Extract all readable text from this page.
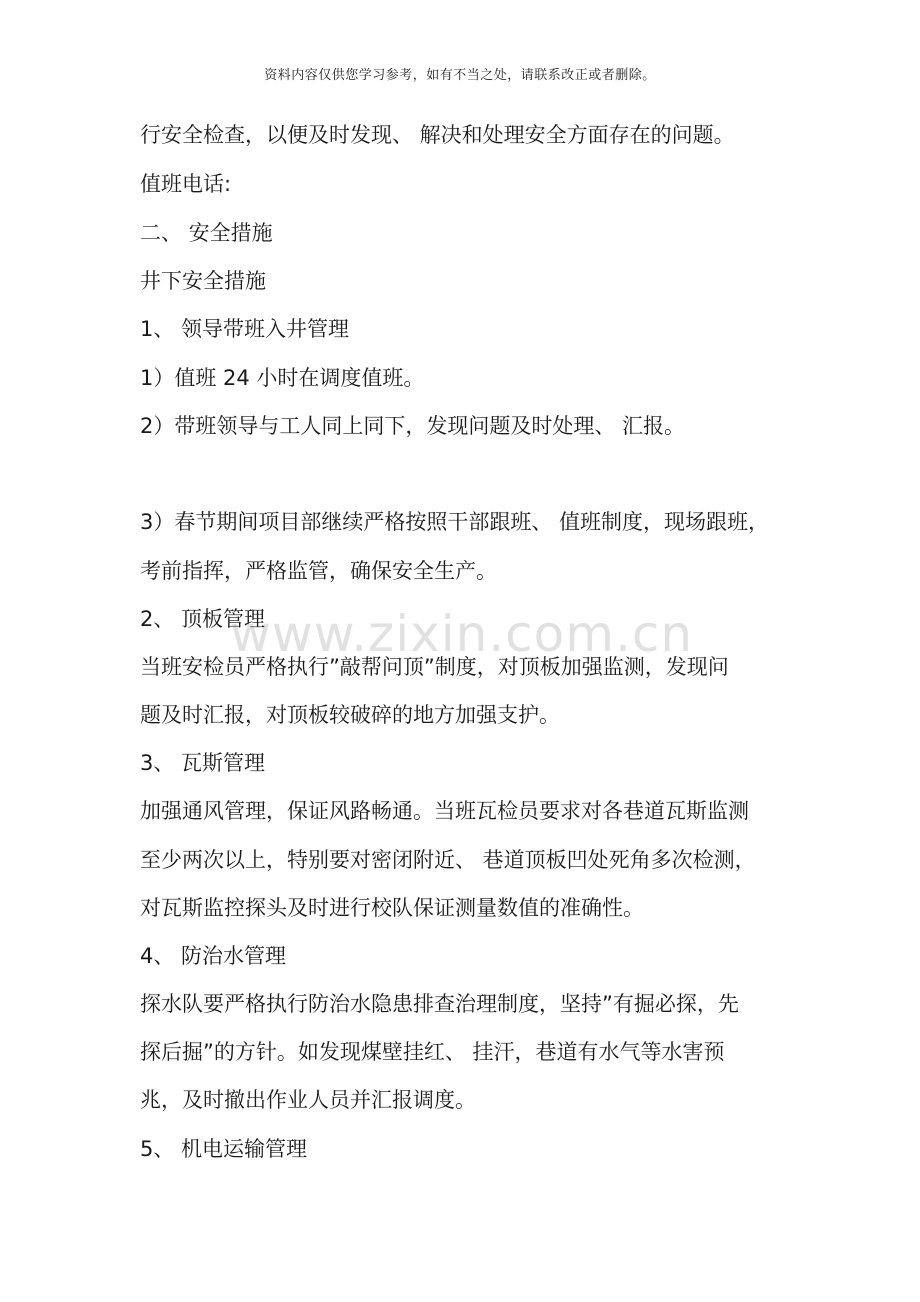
资料内容仅供您学习参考，如有不当之处，请联系改正或者删除。
www.zixin.com.cn
行安全检查，以便及时发现、 解决和处理安全方面存在的问题。
值班电话:
二、 安全措施
井下安全措施
1、 领导带班入井管理
1）值班 24 小时在调度值班。
2）带班领导与工人同上同下，发现问题及时处理、 汇报。
3）春节期间项目部继续严格按照干部跟班、 值班制度，现场跟班，
考前指挥，严格监管，确保安全生产。
2、 顶板管理
当班安检员严格执行”敲帮问顶”制度，对顶板加强监测，发现问
题及时汇报，对顶板较破碎的地方加强支护。
3、 瓦斯管理
加强通风管理，保证风路畅通。当班瓦检员要求对各巷道瓦斯监测
至少两次以上，特别要对密闭附近、 巷道顶板凹处死角多次检测，
对瓦斯监控探头及时进行校队保证测量数值的准确性。
4、 防治水管理
探水队要严格执行防治水隐患排查治理制度，坚持”有掘必探，先
探后掘”的方针。如发现煤壁挂红、 挂汗，巷道有水气等水害预
兆，及时撤出作业人员并汇报调度。
5、 机电运输管理
